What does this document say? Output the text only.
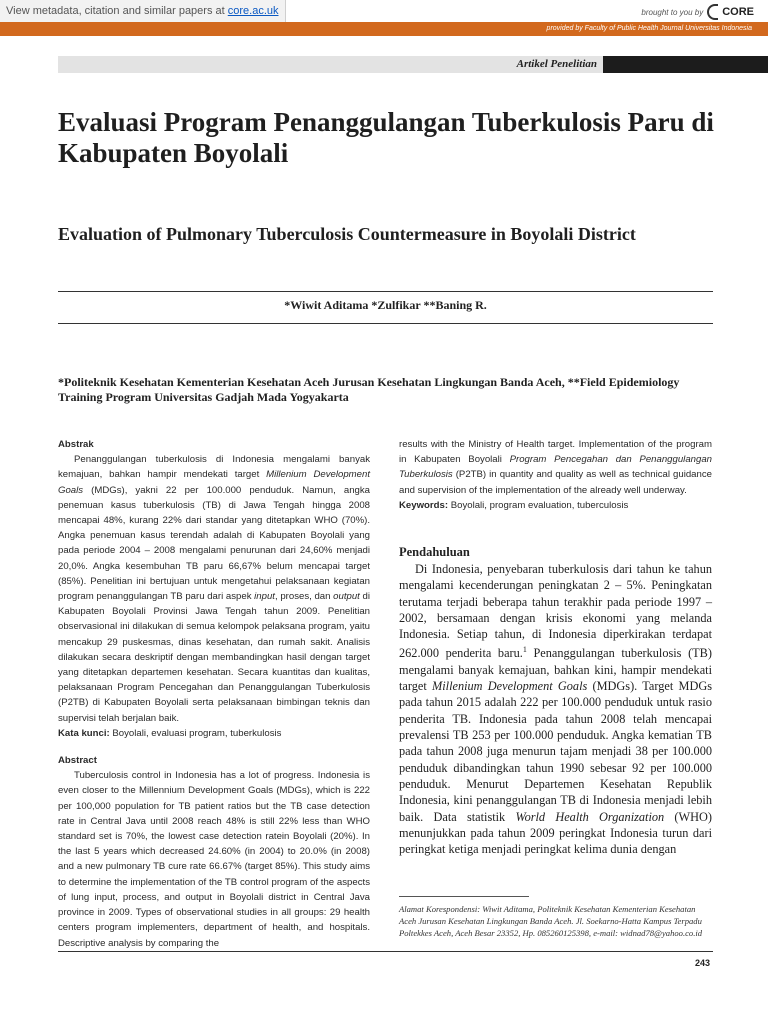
View metadata, citation and similar papers at core.ac.uk	brought to you by CORE
provided by Faculty of Public Health Journal Universitas Indonesia
Artikel Penelitian
Evaluasi Program Penanggulangan Tuberkulosis Paru di Kabupaten Boyolali
Evaluation of Pulmonary Tuberculosis Countermeasure in Boyolali District
*Wiwit Aditama *Zulfikar **Baning R.
*Politeknik Kesehatan Kementerian Kesehatan Aceh Jurusan Kesehatan Lingkungan Banda Aceh, **Field Epidemiology Training Program Universitas Gadjah Mada Yogyakarta

Abstrak

Penanggulangan tuberkulosis di Indonesia mengalami banyak kemajuan, bahkan hampir mendekati target Millenium Development Goals (MDGs), yakni 22 per 100.000 penduduk. Namun, angka penemuan kasus tuberkulosis (TB) di Jawa Tengah hingga 2008 mencapai 48%, kurang 22% dari standar yang ditetapkan WHO (70%). Angka penemuan kasus terendah adalah di Kabupaten Boyolali yang pada periode 2004 – 2008 mengalami penurunan dari 24,60% menjadi 20,0%. Angka kesembuhan TB paru 66,67% belum mencapai target (85%). Penelitian ini bertujuan untuk mengetahui pelaksanaan kegiatan program penanggulangan TB paru dari aspek input, proses, dan output di Kabupaten Boyolali Provinsi Jawa Tengah tahun 2009. Penelitian observasional ini dilakukan di semua kelompok pelaksana program, yaitu mencakup 29 puskesmas, dinas kesehatan, dan rumah sakit. Analisis dilakukan secara deskriptif dengan membandingkan hasil dengan target yang ditetapkan departemen kesehatan. Secara kuantitas dan kualitas, pelaksanaan Program Pencegahan dan Penanggulangan Tuberkulosis (P2TB) di Kabupaten Boyolali serta pelaksanaan bimbingan teknis dan supervisi telah berjalan baik.

Kata kunci: Boyolali, evaluasi program, tuberkulosis

Abstract

Tuberculosis control in Indonesia has a lot of progress. Indonesia is even closer to the Millennium Development Goals (MDGs), which is 222 per 100,000 population for TB patient ratios but the TB case detection rate in Central Java until 2008 reach 48% is still 22% less than WHO standard set is 70%, the lowest case detection ratein Boyolali (20%). In the last 5 years which decreased 24.60% (in 2004) to 20.0% (in 2008) and a new pulmonary TB cure rate 66.67% (target 85%). This study aims to determine the implementation of the TB control program of the aspects of lung input, process, and output in Boyolali district in Central Java province in 2009. Types of observational studies in all groups: 29 health centers program implementers, department of health, and hospitals. Descriptive analysis by comparing the

results with the Ministry of Health target. Implementation of the program in Kabupaten Boyolali Program Pencegahan dan Penanggulangan Tuberkulosis (P2TB) in quantity and quality as well as technical guidance and supervision of the implementation of the already well underway.

Keywords: Boyolali, program evaluation, tuberculosis

Pendahuluan

Di Indonesia, penyebaran tuberkulosis dari tahun ke tahun mengalami kecenderungan peningkatan 2 – 5%. Peningkatan terutama terjadi beberapa tahun terakhir pada periode 1997 – 2002, bersamaan dengan krisis ekonomi yang melanda Indonesia. Setiap tahun, di Indonesia diperkirakan terdapat 262.000 penderita baru.$^1$ Penanggulangan tuberkulosis (TB) mengalami banyak kemajuan, bahkan kini, hampir mendekati target Millenium Development Goals (MDGs). Target MDGs pada tahun 2015 adalah 222 per 100.000 penduduk untuk rasio penderita TB. Indonesia pada tahun 2008 telah mencapai prevalensi TB 253 per 100.000 penduduk. Angka kematian TB pada tahun 2008 juga menurun tajam menjadi 38 per 100.000 penduduk dibandingkan tahun 1990 sebesar 92 per 100.000 penduduk. Menurut Departemen Kesehatan Republik Indonesia, kini penanggulangan TB di Indonesia menjadi lebih baik. Data statistik World Health Organization (WHO) menunjukkan pada tahun 2009 peringkat Indonesia turun dari peringkat ketiga menjadi peringkat kelima dunia dengan

Alamat Korespondensi: Wiwit Aditama, Politeknik Kesehatan Kementerian Kesehatan Aceh Jurusan Kesehatan Lingkungan Banda Aceh. Jl. Soekarno-Hatta Kampus Terpadu Poltekkes Aceh, Aceh Besar 23352, Hp. 085260125398, e-mail: widnad78@yahoo.co.id
243
